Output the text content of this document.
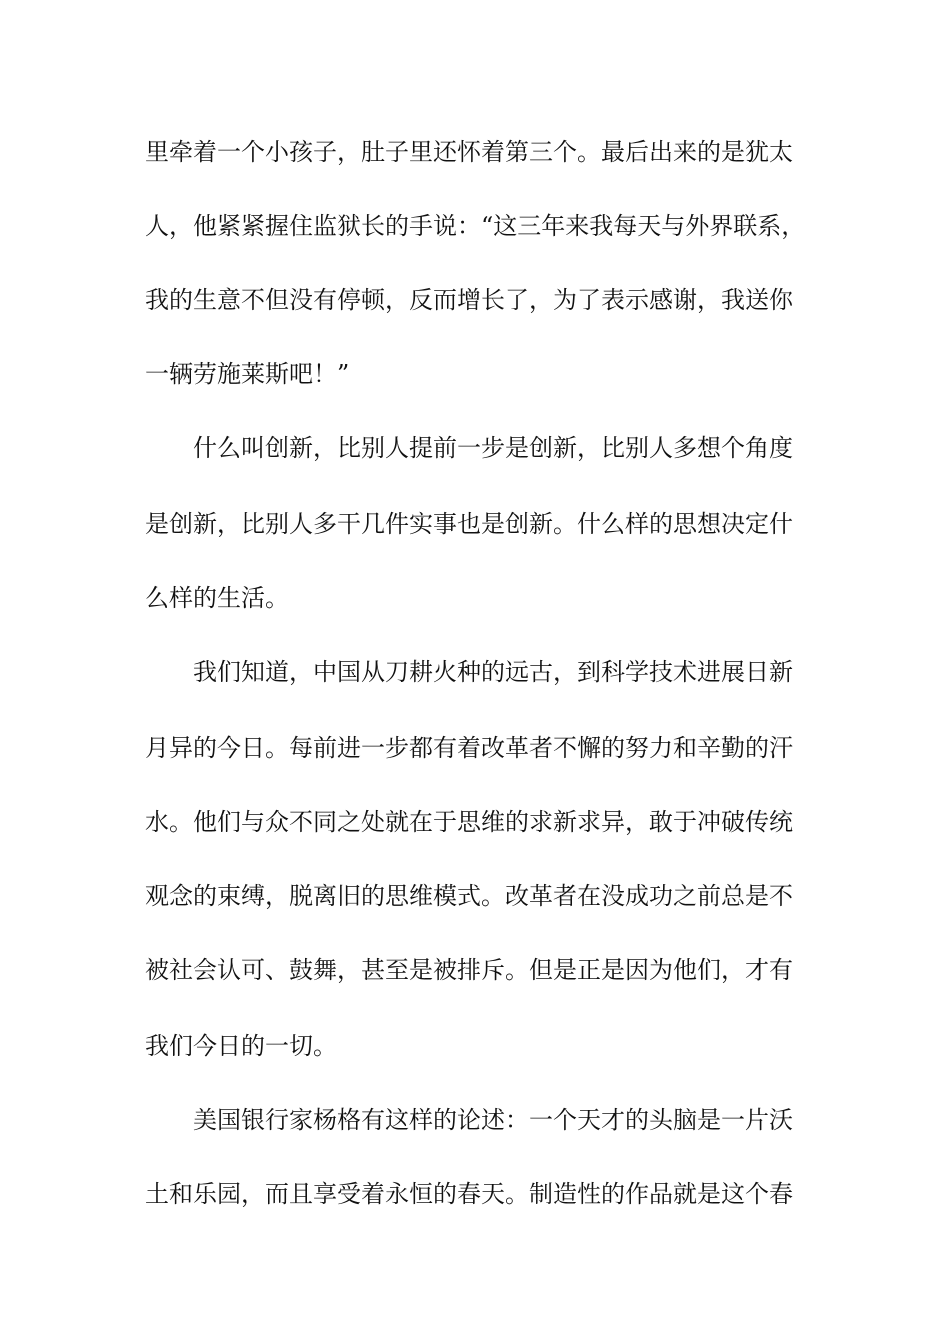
里牵着一个小孩子，肚子里还怀着第三个。最后出来的是犹太
人，他紧紧握住监狱长的手说：“这三年来我每天与外界联系，
我的生意不但没有停顿，反而增长了，为了表示感谢，我送你
一辆劳施莱斯吧！”
什么叫创新，比别人提前一步是创新，比别人多想个角度
是创新，比别人多干几件实事也是创新。什么样的思想决定什
么样的生活。
我们知道，中国从刀耕火种的远古，到科学技术进展日新
月异的今日。每前进一步都有着改革者不懈的努力和辛勤的汗
水。他们与众不同之处就在于思维的求新求异，敢于冲破传统
观念的束缚，脱离旧的思维模式。改革者在没成功之前总是不
被社会认可、鼓舞，甚至是被排斥。但是正是因为他们，才有
我们今日的一切。
美国银行家杨格有这样的论述：一个天才的头脑是一片沃
土和乐园，而且享受着永恒的春天。制造性的作品就是这个春
